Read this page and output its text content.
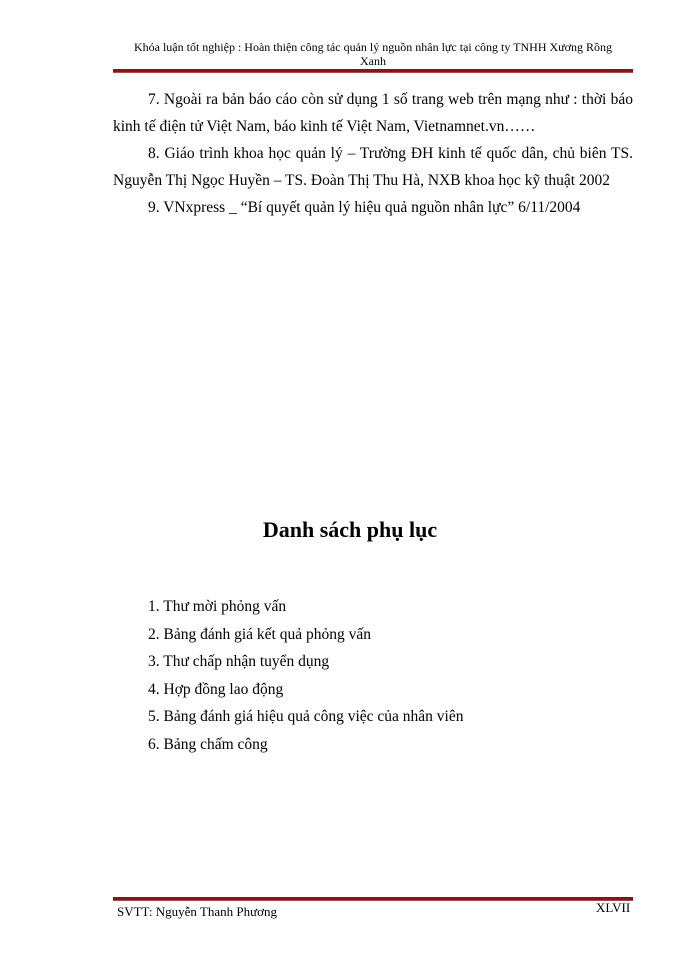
Khóa luận tốt nghiệp : Hoàn thiện công tác quản lý nguồn nhân lực tại công ty TNHH Xương Rồng
Xanh

7. Ngoài ra bản báo cáo còn sử dụng 1 số trang web trên mạng như : thời báo kinh tế điện tử Việt Nam, báo kinh tế Việt Nam, Vietnamnet.vn……

8. Giáo trình khoa học quản lý – Trường ĐH kinh tế quốc dân, chủ biên TS. Nguyễn Thị Ngọc Huyền – TS. Đoàn Thị Thu Hà, NXB khoa học kỹ thuật 2002

9. VNxpress _ “Bí quyết quản lý hiệu quả nguồn nhân lực” 6/11/2004

Danh sách phụ lục
1. Thư mời phỏng vấn
2. Bảng đánh giá kết quả phỏng vấn
3. Thư chấp nhận tuyển dụng
4. Hợp đồng lao động
5. Bảng đánh giá hiệu quả công việc của nhân viên
6. Bảng chấm công
SVTT: Nguyễn Thanh Phương	XLVII
